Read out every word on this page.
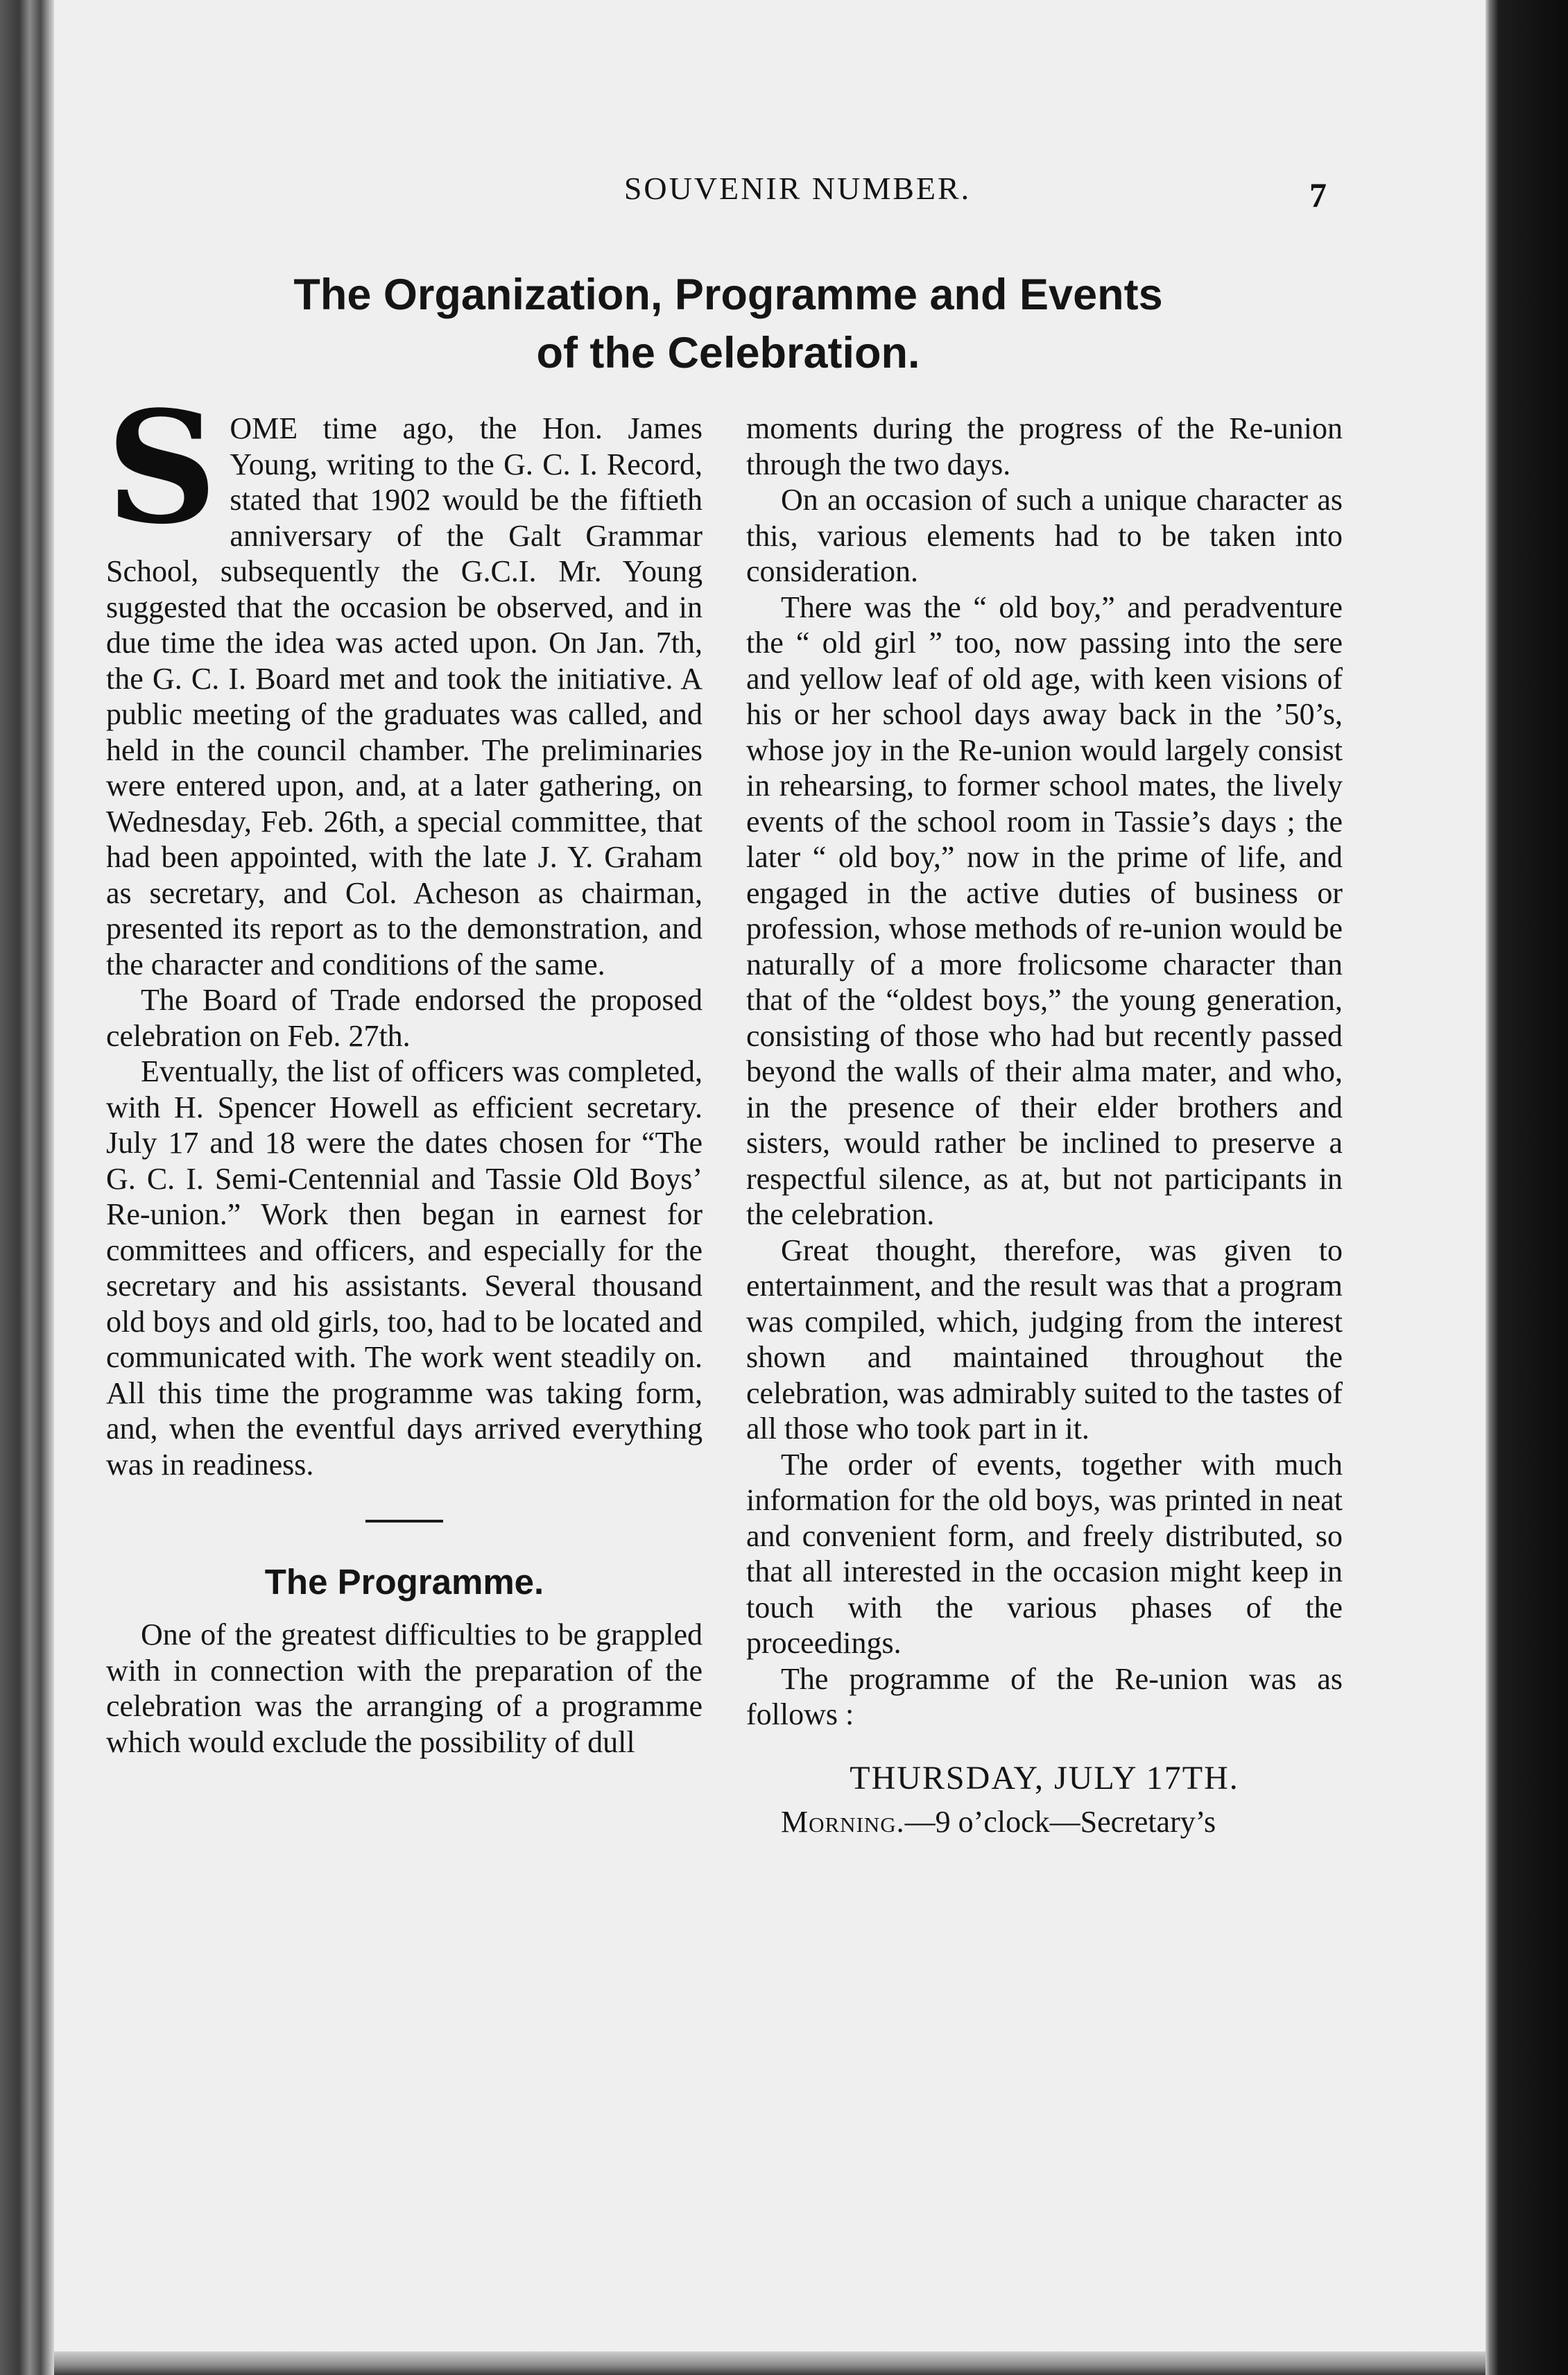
SOUVENIR NUMBER.	7
The Organization, Programme and Events
of the Celebration.

SOME time ago, the Hon. James Young, writing to the G. C. I. Record, stated that 1902 would be the fiftieth anniversary of the Galt Grammar School, subsequently the G.C.I. Mr. Young suggested that the occasion be observed, and in due time the idea was acted upon. On Jan. 7th, the G. C. I. Board met and took the initiative. A public meeting of the graduates was called, and held in the council chamber. The preliminaries were entered upon, and, at a later gathering, on Wednesday, Feb. 26th, a special committee, that had been appointed, with the late J. Y. Graham as secretary, and Col. Acheson as chairman, presented its report as to the demonstration, and the character and conditions of the same.

The Board of Trade endorsed the proposed celebration on Feb. 27th.

Eventually, the list of officers was completed, with H. Spencer Howell as efficient secretary. July 17 and 18 were the dates chosen for “The G. C. I. Semi-Centennial and Tassie Old Boys’ Re-union.” Work then began in earnest for committees and officers, and especially for the secretary and his assistants. Several thousand old boys and old girls, too, had to be located and communicated with. The work went steadily on. All this time the programme was taking form, and, when the eventful days arrived everything was in readiness.

The Programme.

One of the greatest difficulties to be grappled with in connection with the preparation of the celebration was the arranging of a programme which would exclude the possibility of dull

moments during the progress of the Re-union through the two days.

On an occasion of such a unique character as this, various elements had to be taken into consideration.

There was the “ old boy,” and peradventure the “ old girl ” too, now passing into the sere and yellow leaf of old age, with keen visions of his or her school days away back in the ’50’s, whose joy in the Re-union would largely consist in rehearsing, to former school mates, the lively events of the school room in Tassie’s days ; the later “ old boy,” now in the prime of life, and engaged in the active duties of business or profession, whose methods of re-union would be naturally of a more frolicsome character than that of the “oldest boys,” the young generation, consisting of those who had but recently passed beyond the walls of their alma mater, and who, in the presence of their elder brothers and sisters, would rather be inclined to preserve a respectful silence, as at, but not participants in the celebration.

Great thought, therefore, was given to entertainment, and the result was that a program was compiled, which, judging from the interest shown and maintained throughout the celebration, was admirably suited to the tastes of all those who took part in it.

The order of events, together with much information for the old boys, was printed in neat and convenient form, and freely distributed, so that all interested in the occasion might keep in touch with the various phases of the proceedings.

The programme of the Re-union was as follows :

THURSDAY, JULY 17TH.

Morning.—9 o’clock—Secretary’s
